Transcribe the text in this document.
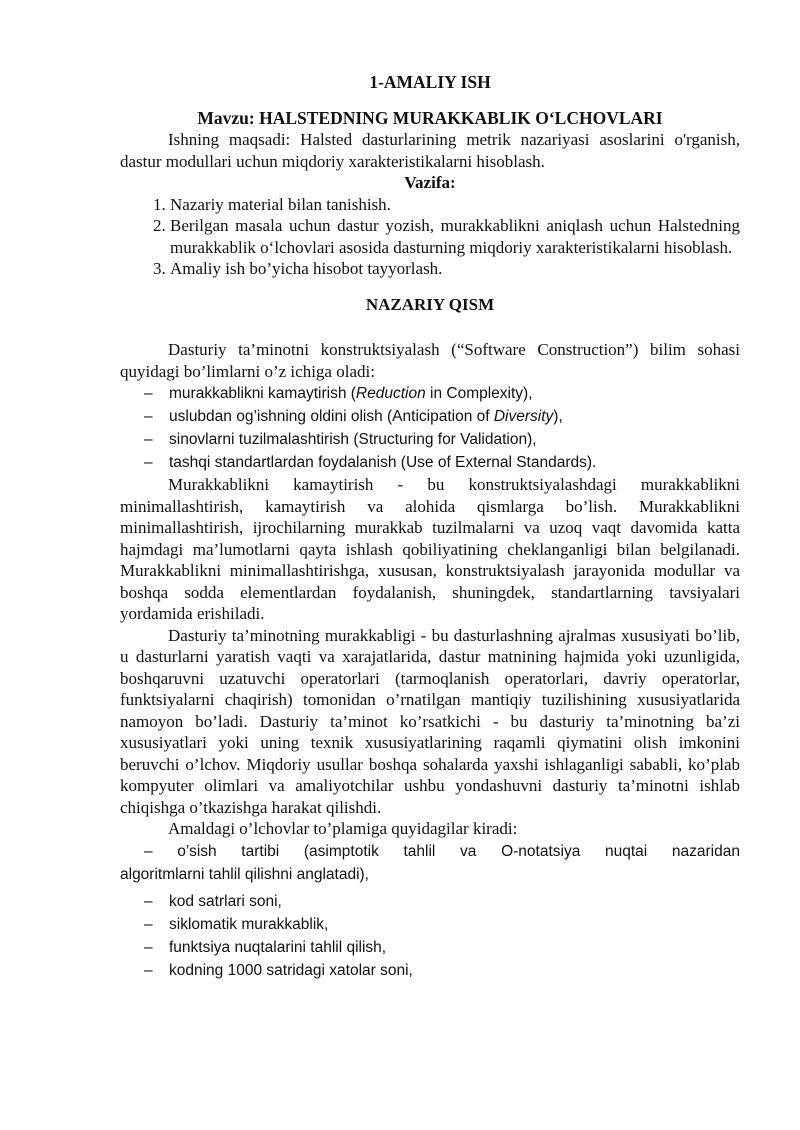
1-AMALIY ISH
Mavzu: HALSTEDNING MURAKKABLIK O‘LCHOVLARI

Ishning maqsadi: Halsted dasturlarining metrik nazariyasi asoslarini o'rganish, dastur modullari uchun miqdoriy xarakteristikalarni hisoblash.

Vazifa:
1. Nazariy material bilan tanishish.
2. Berilgan masala uchun dastur yozish, murakkablikni aniqlash uchun Halstedning murakkablik o‘lchovlari asosida dasturning miqdoriy xarakteristikalarni hisoblash.
3. Amaliy ish bo’yicha hisobot tayyorlash.
NAZARIY QISM

Dasturiy ta’minotni konstruktsiyalash (“Software Construction”) bilim sohasi quyidagi bo’limlarni o’z ichiga oladi:

– murakkablikni kamaytirish (Reduction in Complexity),
– uslubdan og’ishning oldini olish (Anticipation of Diversity),
– sinovlarni tuzilmalashtirish (Structuring for Validation),
– tashqi standartlardan foydalanish (Use of External Standards).

Murakkablikni kamaytirish - bu konstruktsiyalashdagi murakkablikni minimallashtirish, kamaytirish va alohida qismlarga bo’lish. Murakkablikni minimallashtirish, ijrochilarning murakkab tuzilmalarni va uzoq vaqt davomida katta hajmdagi ma’lumotlarni qayta ishlash qobiliyatining cheklanganligi bilan belgilanadi. Murakkablikni minimallashtirishga, xususan, konstruktsiyalash jarayonida modullar va boshqa sodda elementlardan foydalanish, shuningdek, standartlarning tavsiyalari yordamida erishiladi.

Dasturiy ta’minotning murakkabligi - bu dasturlashning ajralmas xususiyati bo’lib, u dasturlarni yaratish vaqti va xarajatlarida, dastur matnining hajmida yoki uzunligida, boshqaruvni uzatuvchi operatorlari (tarmoqlanish operatorlari, davriy operatorlar, funktsiyalarni chaqirish) tomonidan o’rnatilgan mantiqiy tuzilishining xususiyatlarida namoyon bo’ladi. Dasturiy ta’minot ko’rsatkichi - bu dasturiy ta’minotning ba’zi xususiyatlari yoki uning texnik xususiyatlarining raqamli qiymatini olish imkonini beruvchi o’lchov. Miqdoriy usullar boshqa sohalarda yaxshi ishlaganligi sababli, ko’plab kompyuter olimlari va amaliyotchilar ushbu yondashuvni dasturiy ta’minotni ishlab chiqishga o’tkazishga harakat qilishdi.

Amaldagi o’lchovlar to’plamiga quyidagilar kiradi:

– o’sish tartibi (asimptotik tahlil va O-notatsiya nuqtai nazaridan
algoritmlarni tahlil qilishni anglatadi),
– kod satrlari soni,
– siklomatik murakkablik,
– funktsiya nuqtalarini tahlil qilish,
– kodning 1000 satridagi xatolar soni,
